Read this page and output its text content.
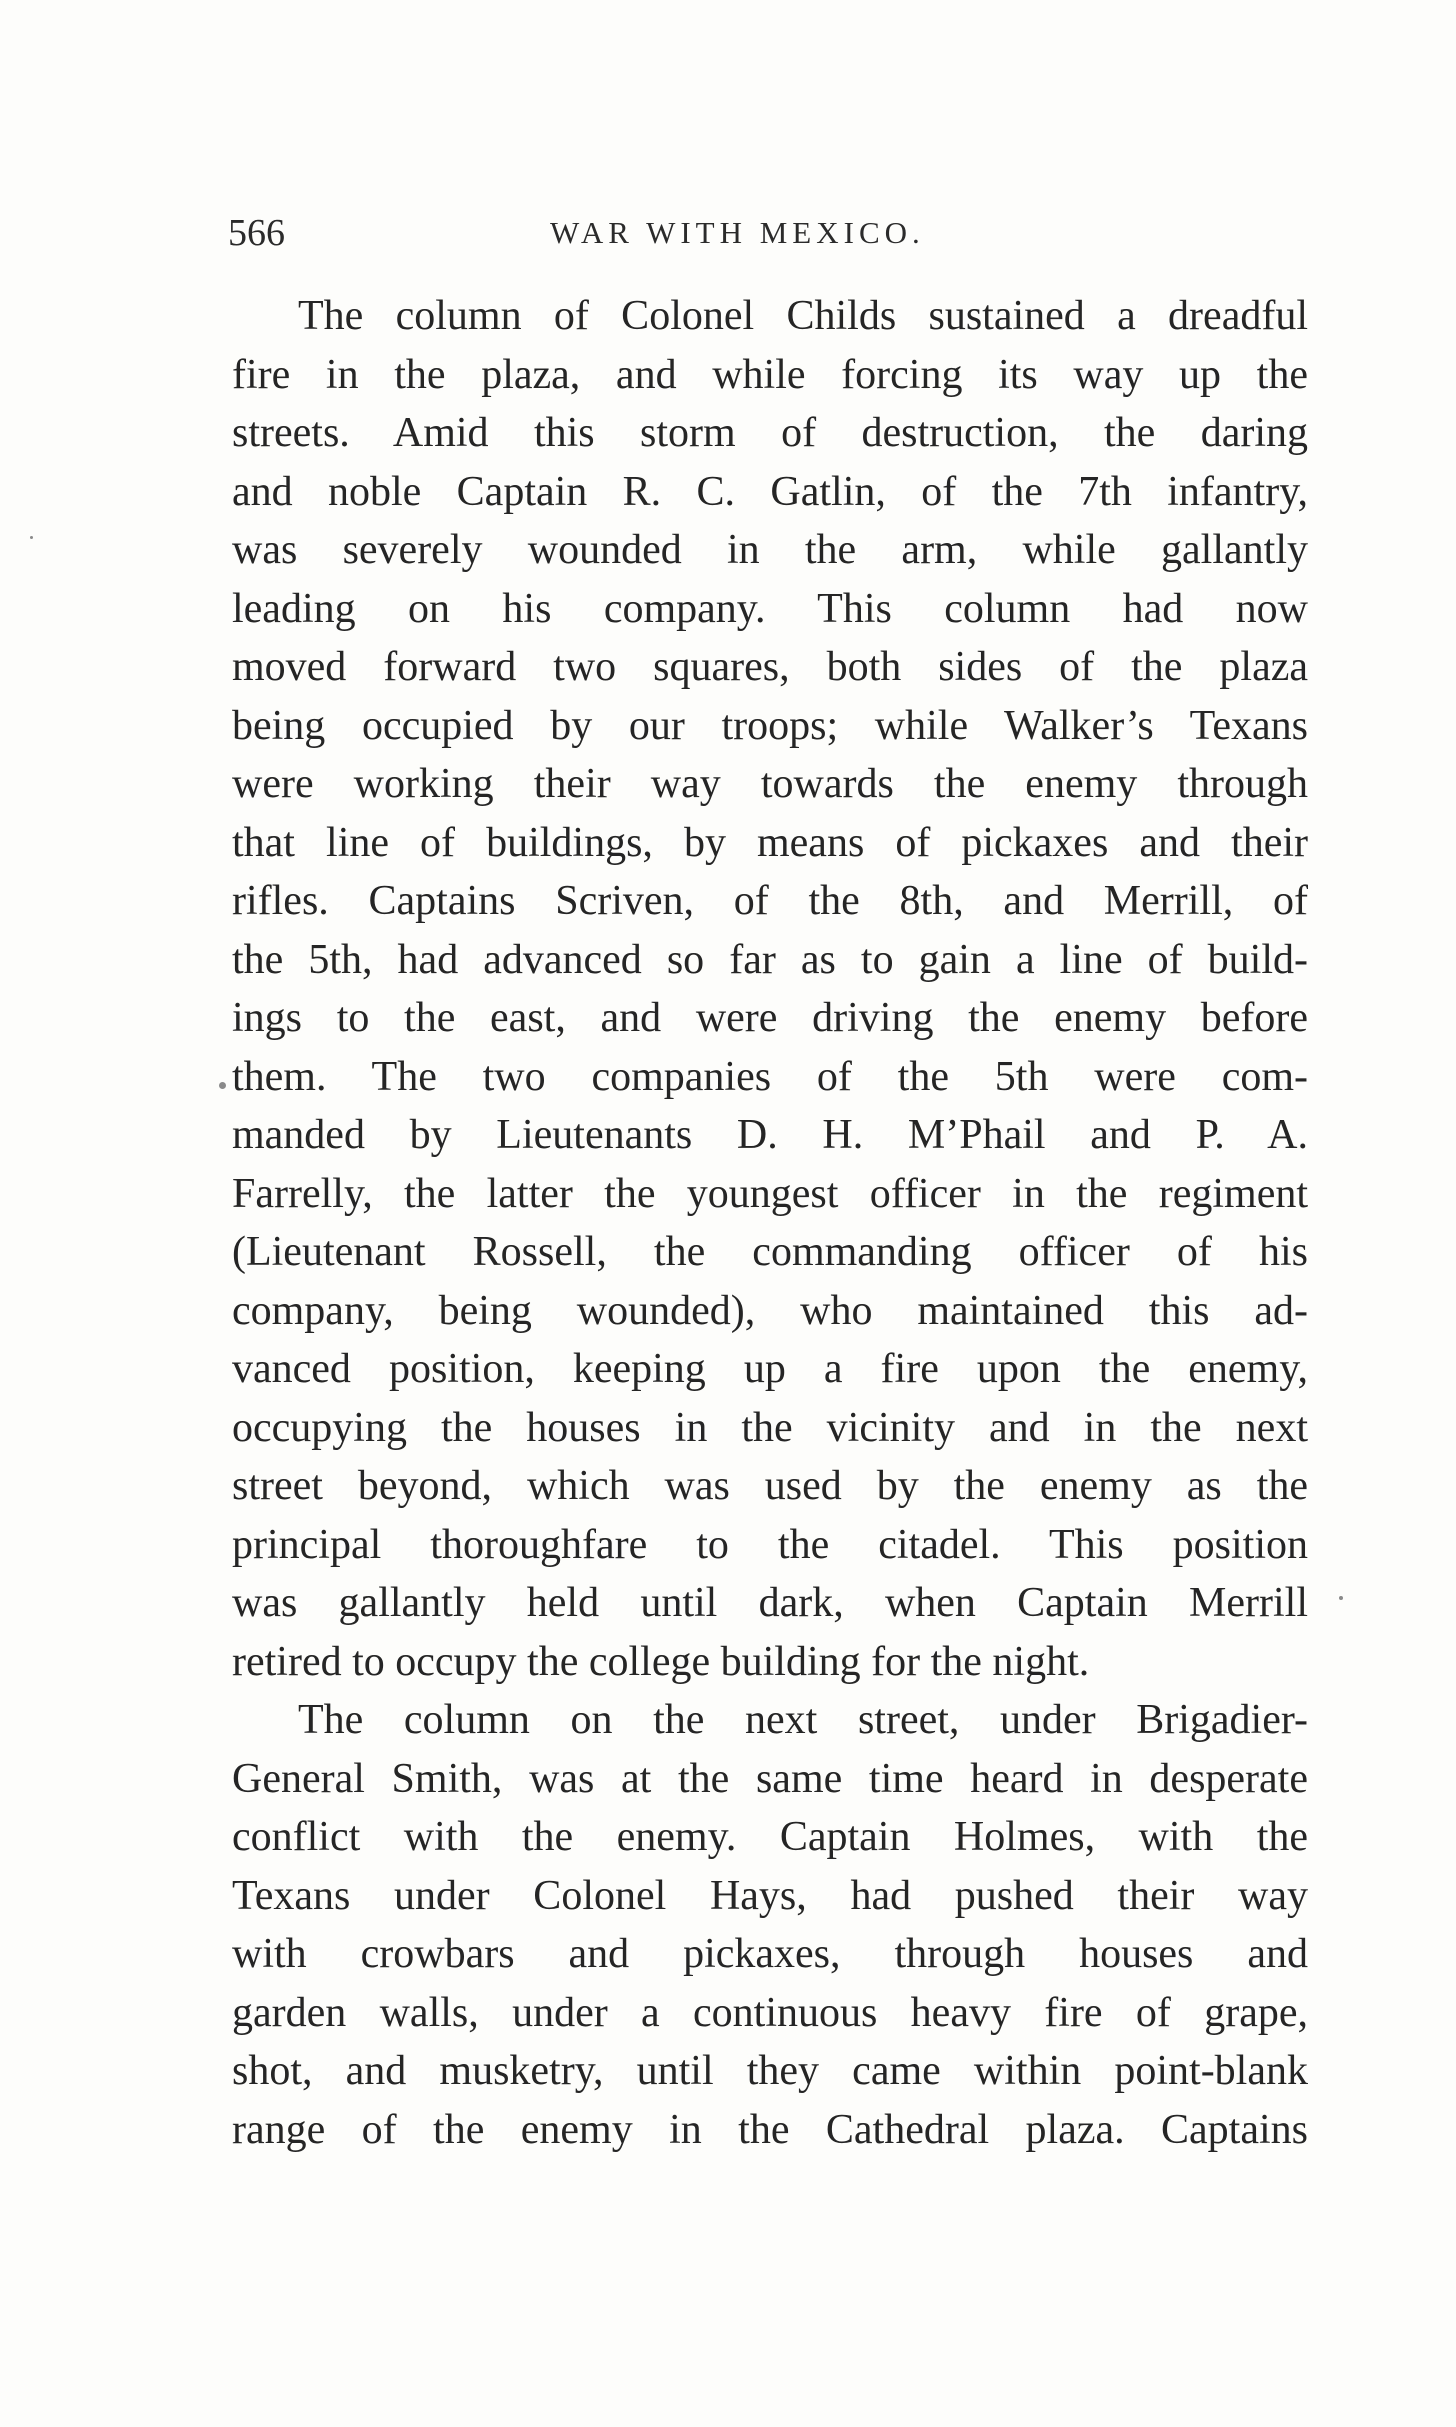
566	WAR WITH MEXICO.
The column of Colonel Childs sustained a dreadful
fire in the plaza, and while forcing its way up the
streets. Amid this storm of destruction, the daring
and noble Captain R. C. Gatlin, of the 7th infantry,
was severely wounded in the arm, while gallantly
leading on his company. This column had now
moved forward two squares, both sides of the plaza
being occupied by our troops; while Walker’s Texans
were working their way towards the enemy through
that line of buildings, by means of pickaxes and their
rifles. Captains Scriven, of the 8th, and Merrill, of
the 5th, had advanced so far as to gain a line of build-
ings to the east, and were driving the enemy before
them. The two companies of the 5th were com-
manded by Lieutenants D. H. M’Phail and P. A.
Farrelly, the latter the youngest officer in the regiment
(Lieutenant Rossell, the commanding officer of his
company, being wounded), who maintained this ad-
vanced position, keeping up a fire upon the enemy,
occupying the houses in the vicinity and in the next
street beyond, which was used by the enemy as the
principal thoroughfare to the citadel. This position
was gallantly held until dark, when Captain Merrill
retired to occupy the college building for the night.
The column on the next street, under Brigadier-
General Smith, was at the same time heard in desperate
conflict with the enemy. Captain Holmes, with the
Texans under Colonel Hays, had pushed their way
with crowbars and pickaxes, through houses and
garden walls, under a continuous heavy fire of grape,
shot, and musketry, until they came within point-blank
range of the enemy in the Cathedral plaza. Captains
